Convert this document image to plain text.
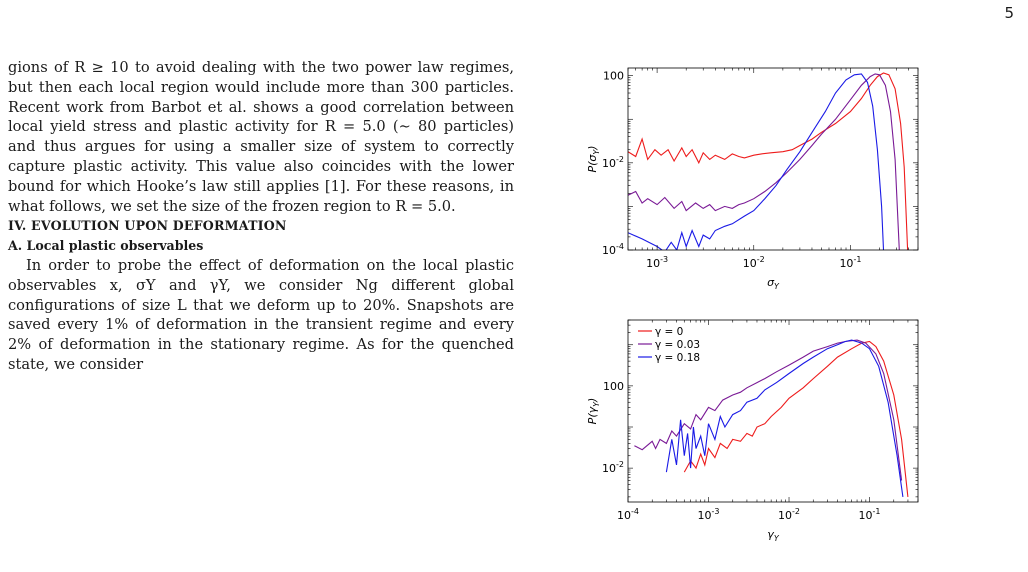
5

gions of R ≥ 10 to avoid dealing with the two power law regimes, but then each local region would include more than 300 particles. Recent work from Barbot et al. shows a good correlation between local yield stress and plastic activity for R = 5.0 (∼ 80 particles) and thus argues for using a smaller size of system to correctly capture plastic activity. This value also coincides with the lower bound for which Hooke’s law still applies [1]. For these reasons, in what follows, we set the size of the frozen region to R = 5.0.

IV. EVOLUTION UPON DEFORMATION

A. Local plastic observables

In order to probe the effect of deformation on the local plastic observables x, σY and γY, we consider Ng different global configurations of size L that we deform up to 20%. Snapshots are saved every 1% of deformation in the transient regime and every 2% of deformation in the stationary regime. As for the quenched state, we consider

$10^{-3}$	$10^{-2}$	$10^{-1}$
$10^{-4}$
$10^{-2}$
100
$\sigma_Y$
$P(\sigma_Y)$
$10^{-4}$	$10^{-3}$	$10^{-2}$	$10^{-1}$
$10^{-2}$
100
$\gamma_Y$
$P(\gamma_Y)$
γ = 0
γ = 0.03
γ = 0.18
